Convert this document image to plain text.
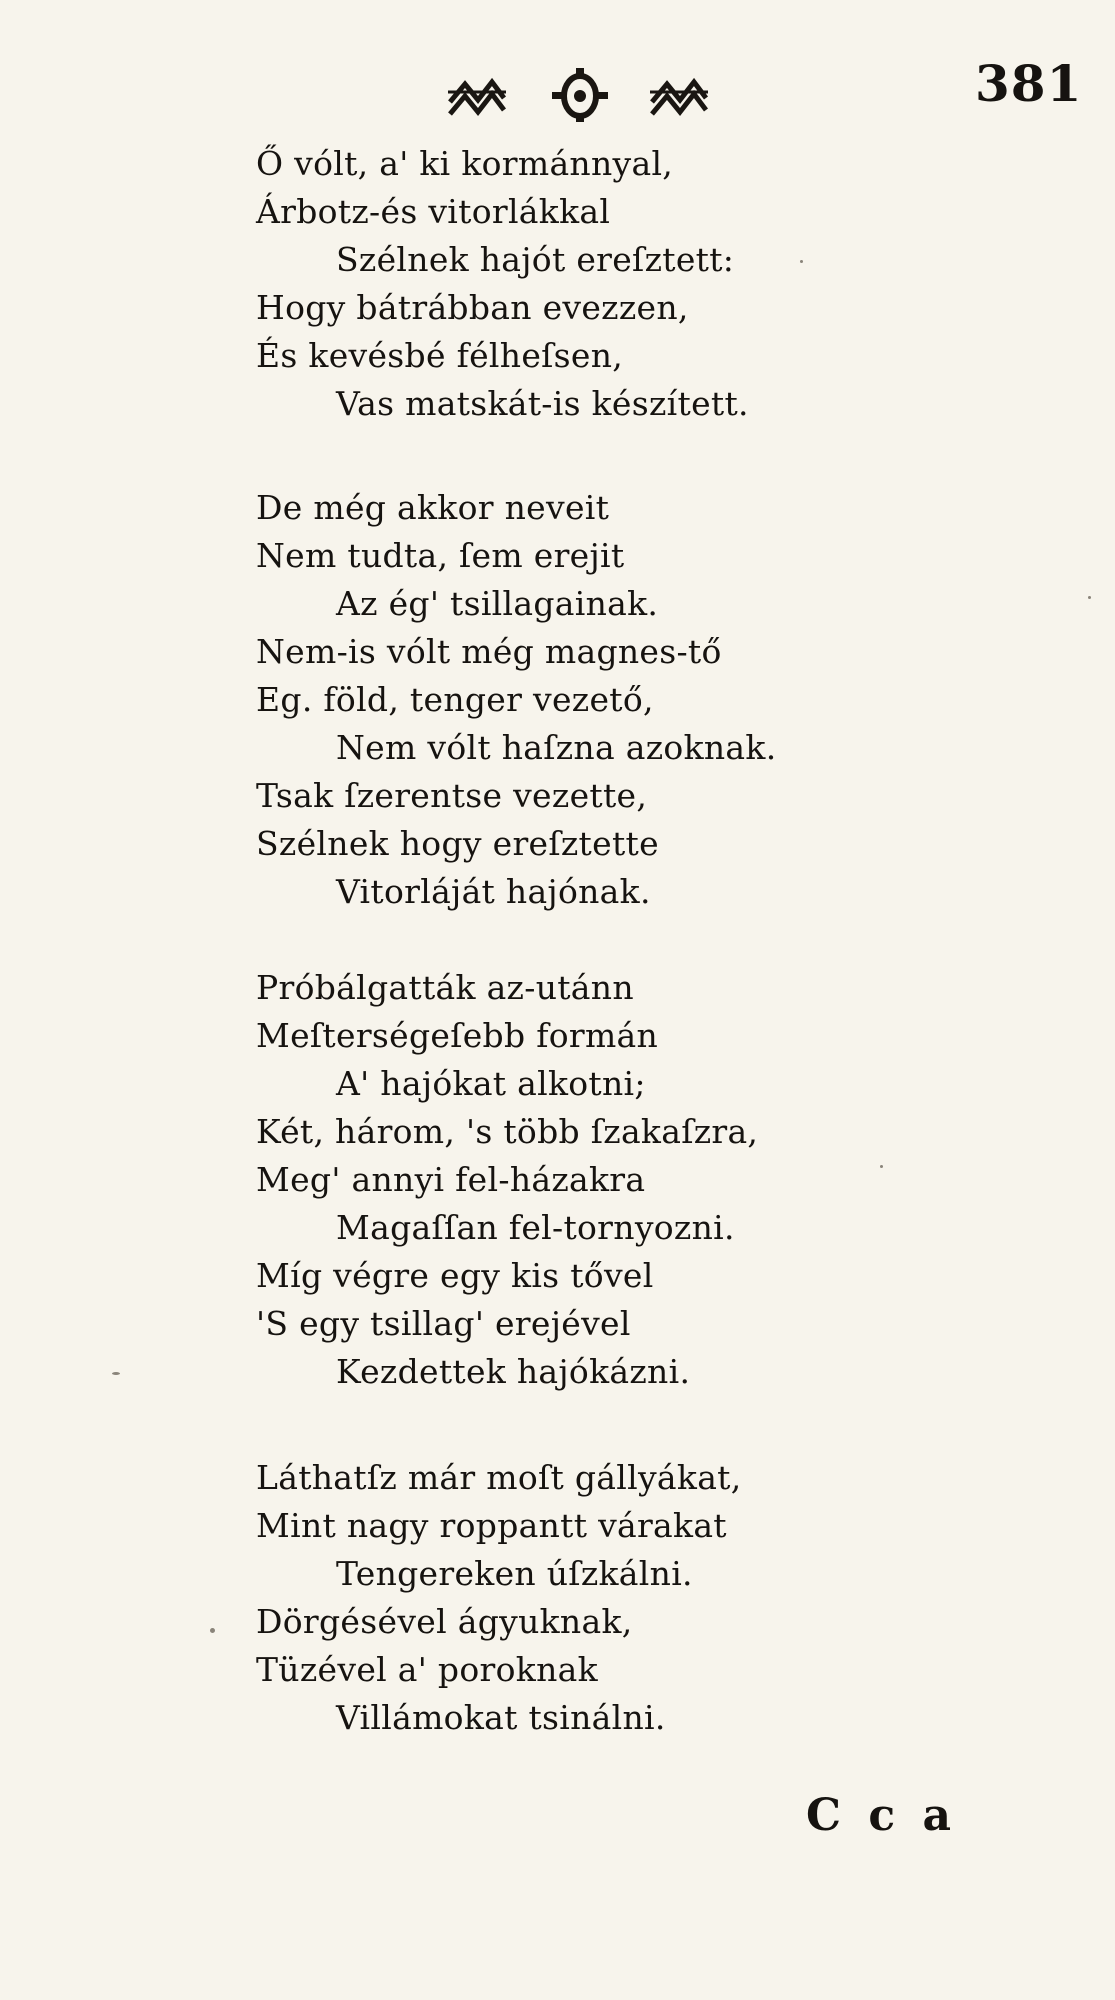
381
Ő vólt, a' ki kormánnyal,
Árbotz-és vitorlákkal
Szélnek hajót ereſztett:
Hogy bátrábban evezzen,
És kevésbé félheſsen,
Vas matskát-is készített.
De még akkor neveit
Nem tudta, ſem erejit
Az ég' tsillagainak.
Nem-is vólt még magnes-tő
Eg. föld, tenger vezető,
Nem vólt haſzna azoknak.
Tsak ſzerentse vezette,
Szélnek hogy ereſztette
Vitorláját hajónak.
Próbálgatták az-utánn
Meſterségeſebb formán
A' hajókat alkotni;
Két, három, 's több ſzakaſzra,
Meg' annyi fel-házakra
Magaſſan fel-tornyozni.
Míg végre egy kis tővel
'S egy tsillag' erejével
Kezdettek hajókázni.
Láthatſz már moſt gállyákat,
Mint nagy roppantt várakat
Tengereken úſzkálni.
Dörgésével ágyuknak,
Tüzével a' poroknak
Villámokat tsinálni.
C c a
